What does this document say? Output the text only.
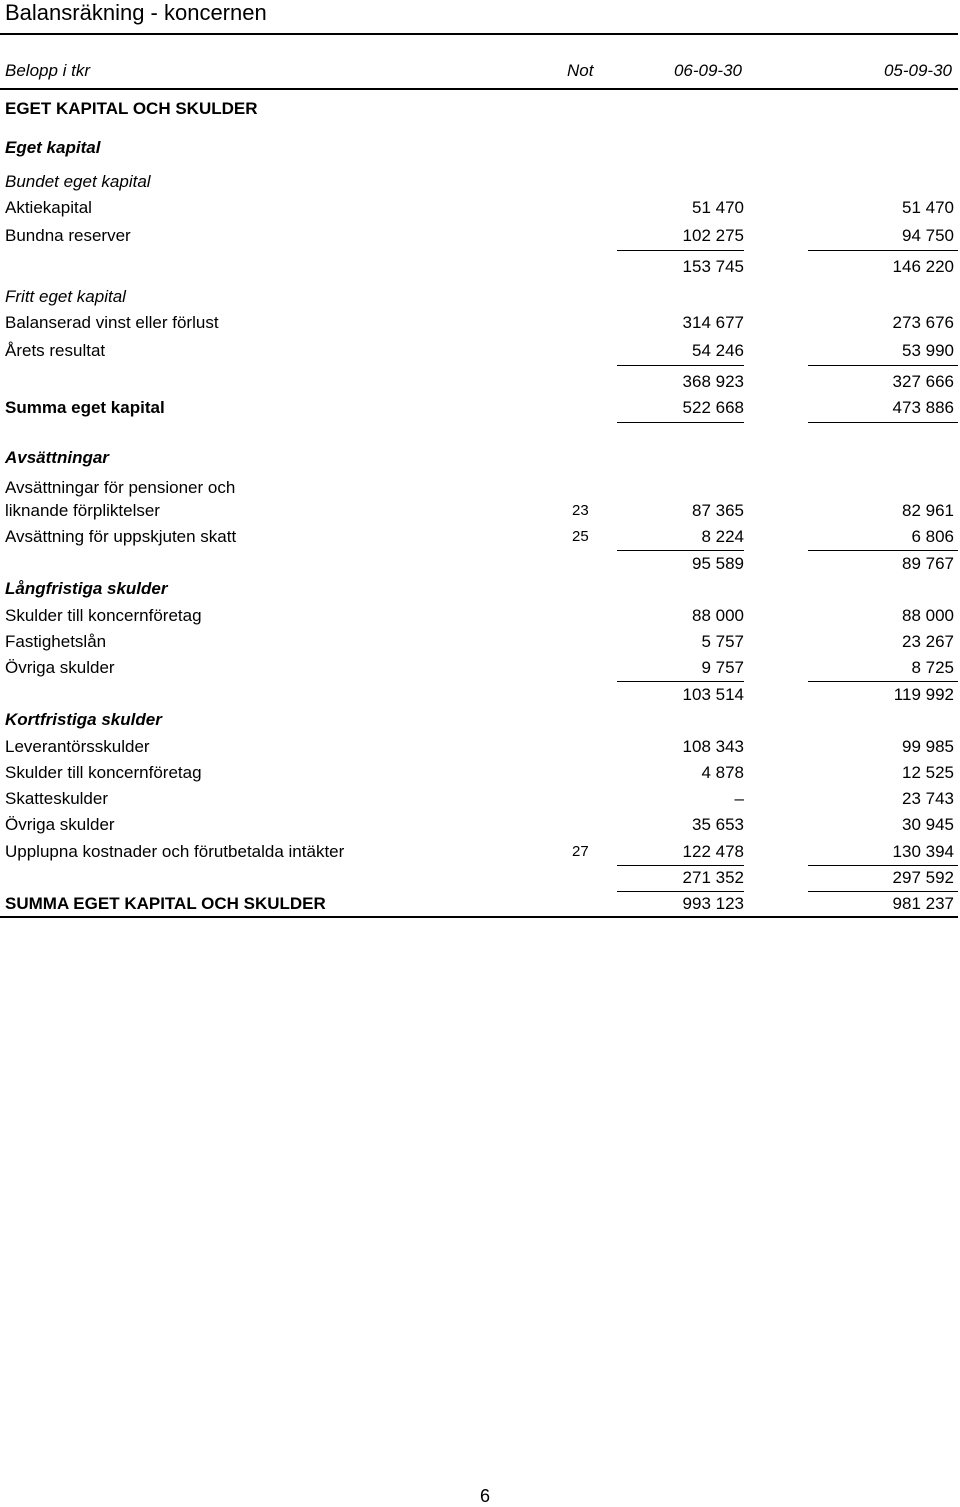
Balansräkning - koncernen
Belopp i tkr	Not	06-09-30	05-09-30
EGET KAPITAL OCH SKULDER
Eget kapital
Bundet eget kapital
Aktiekapital	51 470	51 470
Bundna reserver	102 275	94 750
153 745	146 220
Fritt eget kapital
Balanserad vinst eller förlust	314 677	273 676
Årets resultat	54 246	53 990
368 923	327 666
Summa eget kapital	522 668	473 886
Avsättningar
Avsättningar för pensioner och
liknande förpliktelser	23	87 365	82 961
Avsättning för uppskjuten skatt	25	8 224	6 806
95 589	89 767
Långfristiga skulder
Skulder till koncernföretag	88 000	88 000
Fastighetslån	5 757	23 267
Övriga skulder	9 757	8 725
103 514	119 992
Kortfristiga skulder
Leverantörsskulder	108 343	99 985
Skulder till koncernföretag	4 878	12 525
Skatteskulder	–	23 743
Övriga skulder	35 653	30 945
Upplupna kostnader och förutbetalda intäkter	27	122 478	130 394
271 352	297 592
SUMMA EGET KAPITAL OCH SKULDER	993 123	981 237
6
